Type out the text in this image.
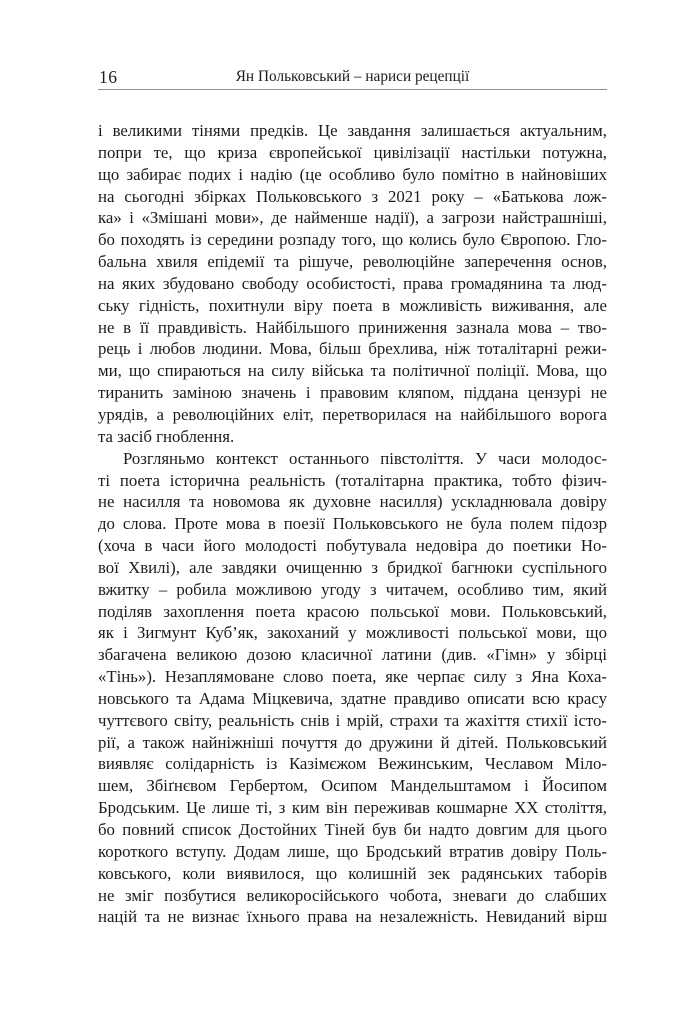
16	Ян Польковський – нариси рецепції
і великими тінями предків. Це завдання залишається актуальним,
попри те, що криза європейської цивілізації настільки потужна,
що забирає подих і надію (це особливо було помітно в найновіших
на сьогодні збірках Польковського з 2021 року – «Батькова лож-
ка» і «Змішані мови», де найменше надії), а загрози найстрашніші,
бо походять із середини розпаду того, що колись було Європою. Гло-
бальна хвиля епідемії та рішуче, революційне заперечення основ,
на яких збудовано свободу особистості, права громадянина та люд-
ську гідність, похитнули віру поета в можливість виживання, але
не в її правдивість. Найбільшого приниження зазнала мова – тво-
рець і любов людини. Мова, більш брехлива, ніж тоталітарні режи-
ми, що спираються на силу війська та політичної поліції. Мова, що
тиранить заміною значень і правовим кляпом, піддана цензурі не
урядів, а революційних еліт, перетворилася на найбільшого ворога
та засіб гноблення.
Розгляньмо контекст останнього півстоліття. У часи молодос-
ті поета історична реальність (тоталітарна практика, тобто фізич-
не насилля та новомова як духовне насилля) ускладнювала довіру
до слова. Проте мова в поезії Польковського не була полем підозр
(хоча в часи його молодості побутувала недовіра до поетики Но-
вої Хвилі), але завдяки очищенню з бридкої багнюки суспільного
вжитку – робила можливою угоду з читачем, особливо тим, який
поділяв захоплення поета красою польської мови. Польковський,
як і Зигмунт Куб’як, закоханий у можливості польської мови, що
збагачена великою дозою класичної латини (див. «Гімн» у збірці
«Тінь»). Незаплямоване слово поета, яке черпає силу з Яна Коха-
новського та Адама Міцкевича, здатне правдиво описати всю красу
чуттєвого світу, реальність снів і мрій, страхи та жахіття стихії істо-
рії, а також найніжніші почуття до дружини й дітей. Польковський
виявляє солідарність із Казімєжом Вежинським, Чеславом Міло-
шем, Збіґнєвом Гербертом, Осипом Мандельштамом і Йосипом
Бродським. Це лише ті, з ким він переживав кошмарне XX століття,
бо повний список Достойних Тіней був би надто довгим для цього
короткого вступу. Додам лише, що Бродський втратив довіру Поль-
ковського, коли виявилося, що колишній зек радянських таборів
не зміг позбутися великоросійського чобота, зневаги до слабших
націй та не визнає їхнього права на незалежність. Невиданий вірш
